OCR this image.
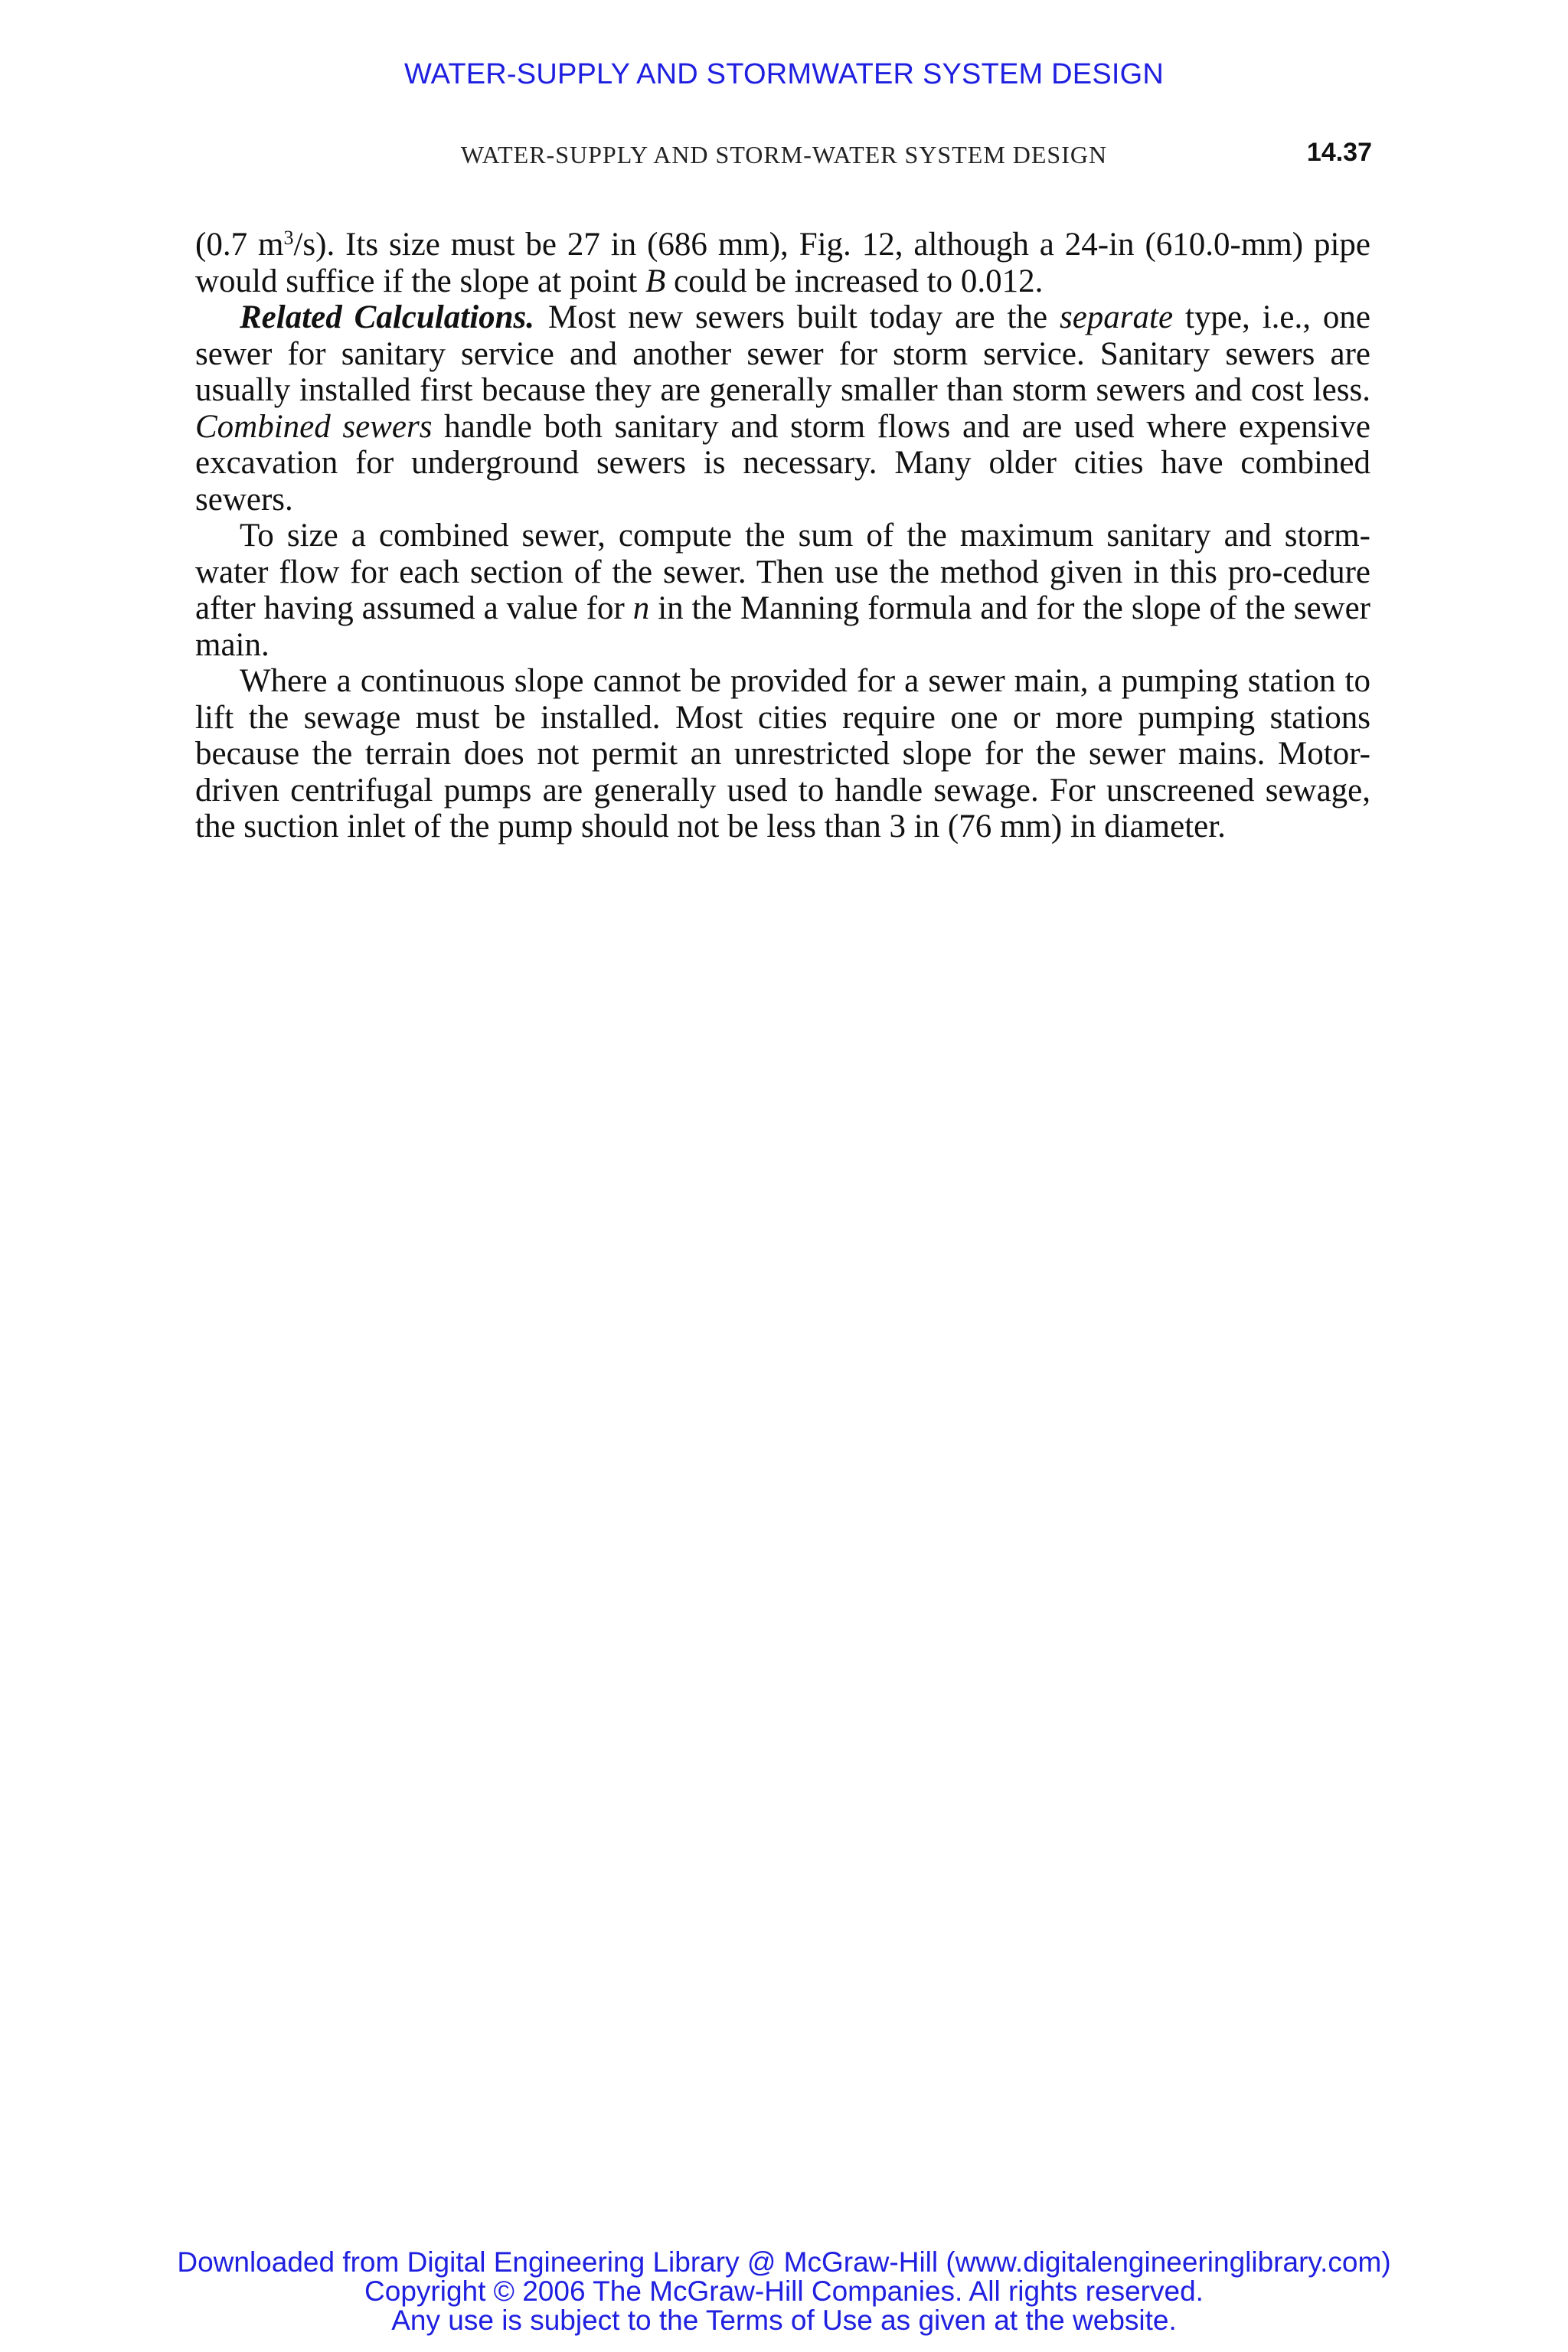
WATER-SUPPLY AND STORMWATER SYSTEM DESIGN
WATER-SUPPLY AND STORM-WATER SYSTEM DESIGN	14.37

(0.7 $m^3/s$). Its size must be 27 in (686 mm), Fig. 12, although a 24-in (610.0-mm) pipe would suffice if the slope at point B could be increased to 0.012.

Related Calculations. Most new sewers built today are the separate type, i.e., one sewer for sanitary service and another sewer for storm service. Sanitary sewers are usually installed first because they are generally smaller than storm sewers and cost less. Combined sewers handle both sanitary and storm flows and are used where expensive excavation for underground sewers is necessary. Many older cities have combined sewers.

To size a combined sewer, compute the sum of the maximum sanitary and storm-water flow for each section of the sewer. Then use the method given in this pro-cedure after having assumed a value for n in the Manning formula and for the slope of the sewer main.

Where a continuous slope cannot be provided for a sewer main, a pumping station to lift the sewage must be installed. Most cities require one or more pumping stations because the terrain does not permit an unrestricted slope for the sewer mains. Motor-driven centrifugal pumps are generally used to handle sewage. For unscreened sewage, the suction inlet of the pump should not be less than 3 in (76 mm) in diameter.

Downloaded from Digital Engineering Library @ McGraw-Hill (www.digitalengineeringlibrary.com)
Copyright © 2006 The McGraw-Hill Companies. All rights reserved.
Any use is subject to the Terms of Use as given at the website.
